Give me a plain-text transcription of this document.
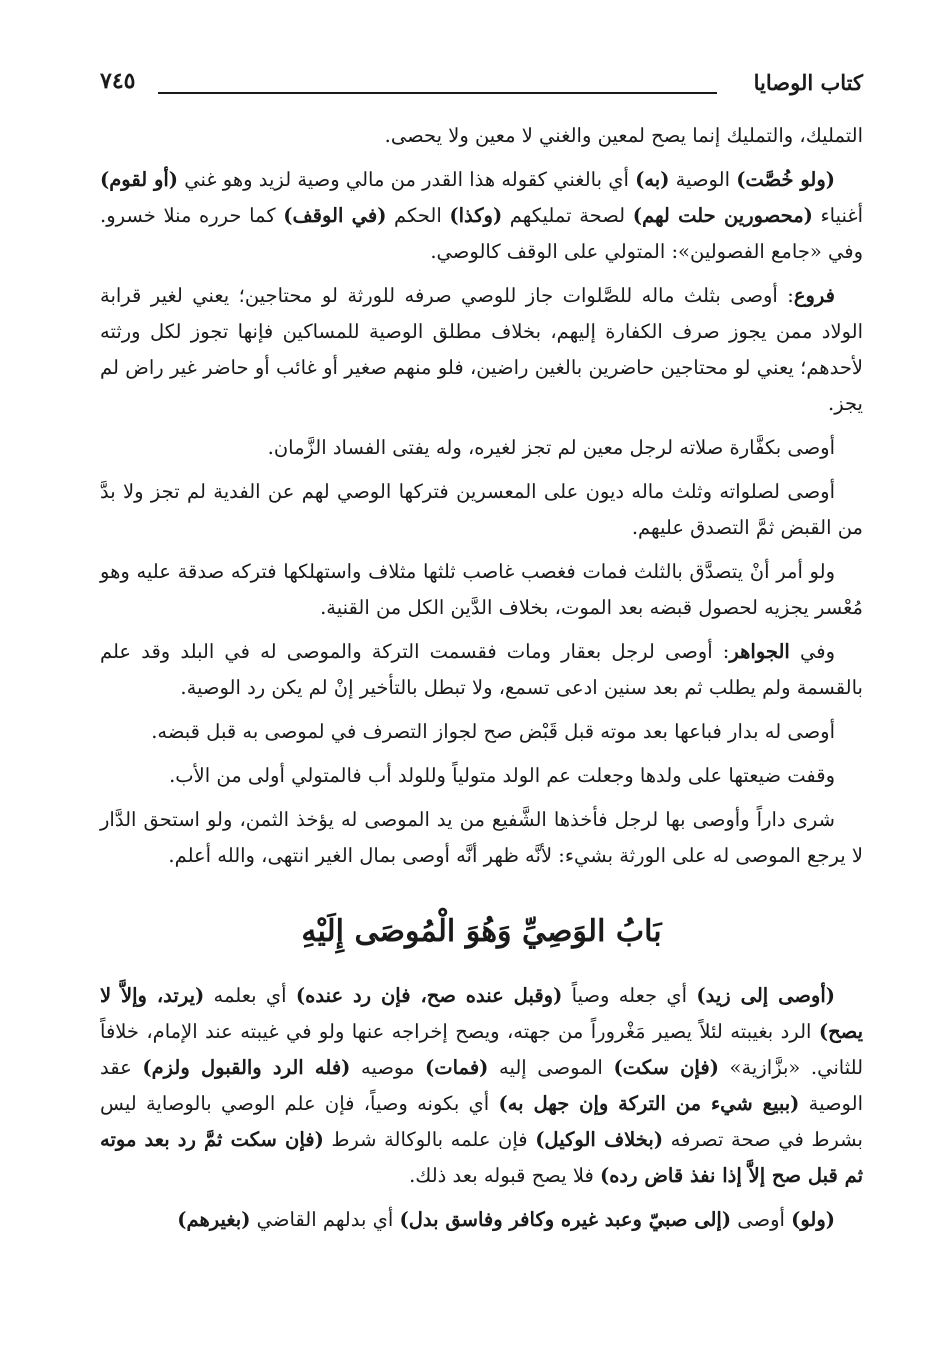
كتاب الوصايا
٧٤٥

التمليك، والتمليك إنما يصح لمعين والغني لا معين ولا يحصى.

(ولو خُصَّت) الوصية (به) أي بالغني كقوله هذا القدر من مالي وصية لزيد وهو غني (أو لقوم) أغنياء (محصورين حلت لهم) لصحة تمليكهم (وكذا) الحكم (في الوقف) كما حرره منلا خسرو. وفي «جامع الفصولين»: المتولي على الوقف كالوصي.

فروع: أوصى بثلث ماله للصَّلوات جاز للوصي صرفه للورثة لو محتاجين؛ يعني لغير قرابة الولاد ممن يجوز صرف الكفارة إليهم، بخلاف مطلق الوصية للمساكين فإنها تجوز لكل ورثته لأحدهم؛ يعني لو محتاجين حاضرين بالغين راضين، فلو منهم صغير أو غائب أو حاضر غير راض لم يجز.

أوصى بكفَّارة صلاته لرجل معين لم تجز لغيره، وله يفتى الفساد الزَّمان.

أوصى لصلواته وثلث ماله ديون على المعسرين فتركها الوصي لهم عن الفدية لم تجز ولا بدَّ من القبض ثمَّ التصدق عليهم.

ولو أمر أنْ يتصدَّق بالثلث فمات فغصب غاصب ثلثها مثلاف واستهلكها فتركه صدقة عليه وهو مُعْسر يجزيه لحصول قبضه بعد الموت، بخلاف الدَّين الكل من القنية.

وفي الجواهر: أوصى لرجل بعقار ومات فقسمت التركة والموصى له في البلد وقد علم بالقسمة ولم يطلب ثم بعد سنين ادعى تسمع، ولا تبطل بالتأخير إنْ لم يكن رد الوصية.

أوصى له بدار فباعها بعد موته قبل قَبْض صح لجواز التصرف في لموصى به قبل قبضه.

وقفت ضيعتها على ولدها وجعلت عم الولد متولياً وللولد أب فالمتولي أولى من الأب.

شرى داراً وأوصى بها لرجل فأخذها الشَّفيع من يد الموصى له يؤخذ الثمن، ولو استحق الدَّار لا يرجع الموصى له على الورثة بشيء: لأنَّه ظهر أنَّه أوصى بمال الغير انتهى، والله أعلم.

بَابُ الوَصِيِّ وَهُوَ الْمُوصَى إِلَيْهِ

(أوصى إلى زيد) أي جعله وصياً (وقبل عنده صح، فإن رد عنده) أي بعلمه (يرتد، وإلاَّ لا يصح) الرد بغيبته لئلاً يصير مَغْروراً من جهته، ويصح إخراجه عنها ولو في غيبته عند الإمام، خلافاً للثاني. «بزَّازية» (فإن سكت) الموصى إليه (فمات) موصيه (فله الرد والقبول ولزم) عقد الوصية (ببيع شيء من التركة وإن جهل به) أي بكونه وصياً، فإن علم الوصي بالوصاية ليس بشرط في صحة تصرفه (بخلاف الوكيل) فإن علمه بالوكالة شرط (فإن سكت ثمَّ رد بعد موته ثم قبل صح إلاَّ إذا نفذ قاض رده) فلا يصح قبوله بعد ذلك.

(ولو) أوصى (إلى صبيّ وعبد غيره وكافر وفاسق بدل) أي بدلهم القاضي (بغيرهم)
